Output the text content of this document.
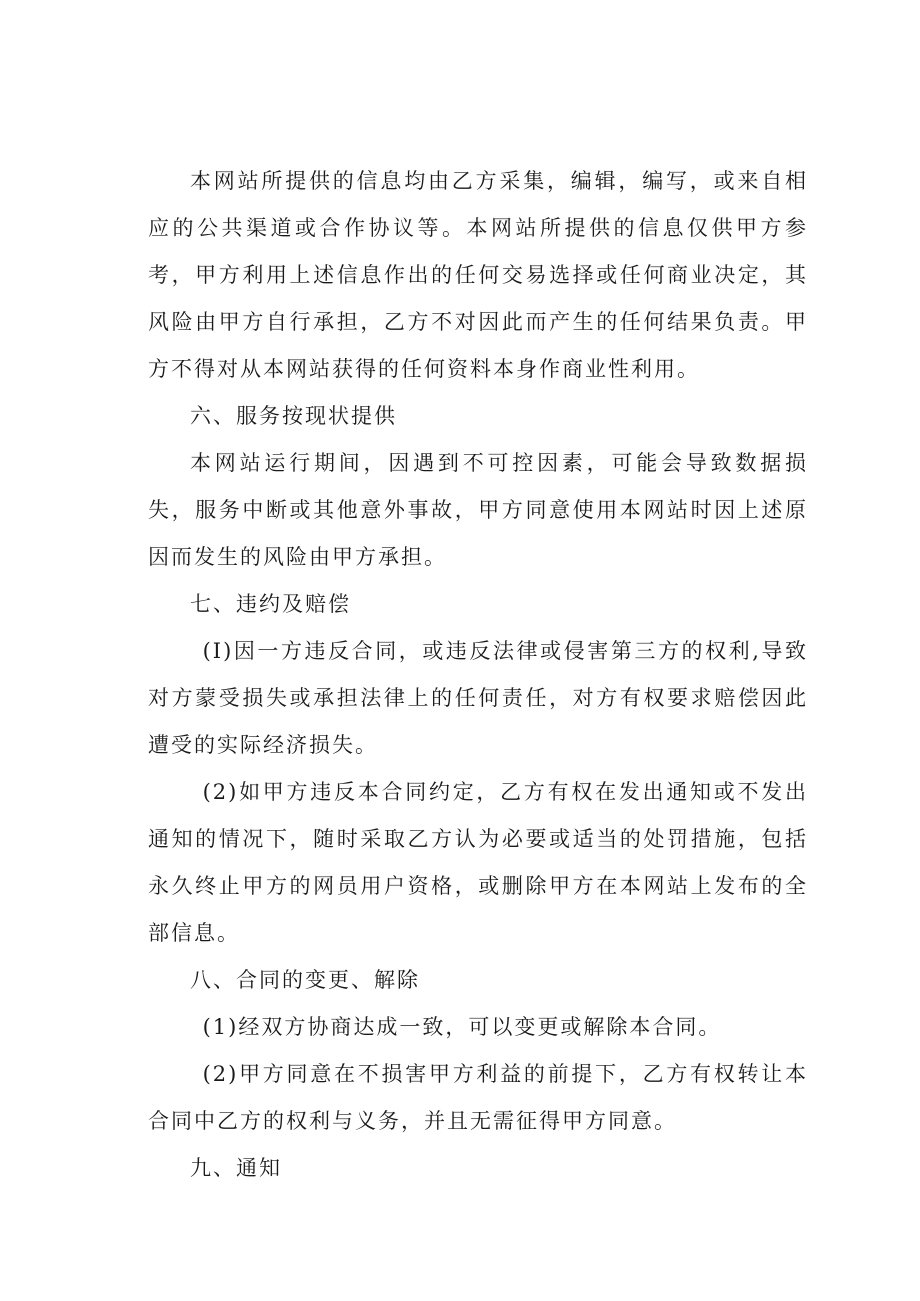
本网站所提供的信息均由乙方采集，编辑，编写，或来自相应的公共渠道或合作协议等。本网站所提供的信息仅供甲方参考，甲方利用上述信息作出的任何交易选择或任何商业决定，其风险由甲方自行承担，乙方不对因此而产生的任何结果负责。甲方不得对从本网站获得的任何资料本身作商业性利用。

六、服务按现状提供

本网站运行期间，因遇到不可控因素，可能会导致数据损失，服务中断或其他意外事故，甲方同意使用本网站时因上述原因而发生的风险由甲方承担。

七、违约及赔偿

(I)因一方违反合同，或违反法律或侵害第三方的权利,导致对方蒙受损失或承担法律上的任何责任，对方有权要求赔偿因此遭受的实际经济损失。

(2)如甲方违反本合同约定，乙方有权在发出通知或不发出通知的情况下，随时采取乙方认为必要或适当的处罚措施，包括永久终止甲方的网员用户资格，或删除甲方在本网站上发布的全部信息。

八、合同的变更、解除

(1)经双方协商达成一致，可以变更或解除本合同。

(2)甲方同意在不损害甲方利益的前提下，乙方有权转让本合同中乙方的权利与义务，并且无需征得甲方同意。

九、通知
